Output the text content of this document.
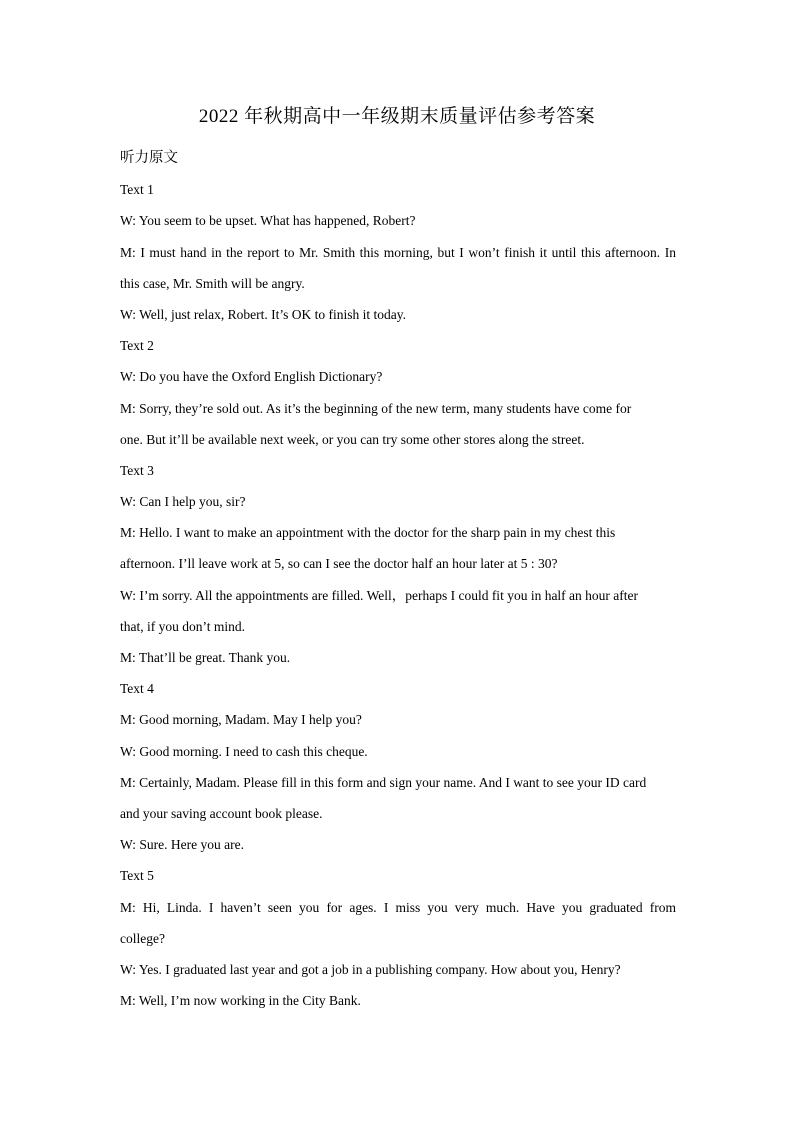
2022 年秋期高中一年级期末质量评估参考答案
听力原文
Text 1
W: You seem to be upset. What has happened, Robert?
M: I must hand in the report to Mr. Smith this morning, but I won’t finish it until this afternoon. In
this case, Mr. Smith will be angry.
W: Well, just relax, Robert. It’s OK to finish it today.
Text 2
W: Do you have the Oxford English Dictionary?
M: Sorry, they’re sold out. As it’s the beginning of the new term, many students have come for
one. But it’ll be available next week, or you can try some other stores along the street.
Text 3
W: Can I help you, sir?
M: Hello. I want to make an appointment with the doctor for the sharp pain in my chest this
afternoon. I’ll leave work at 5, so can I see the doctor half an hour later at 5 : 30?
W: I’m sorry. All the appointments are filled. Well，perhaps I could fit you in half an hour after
that, if you don’t mind.
M: That’ll be great. Thank you.
Text 4
M: Good morning, Madam. May I help you?
W: Good morning. I need to cash this cheque.
M: Certainly, Madam. Please fill in this form and sign your name. And I want to see your ID card
and your saving account book please.
W: Sure. Here you are.
Text 5
M: Hi, Linda. I haven’t seen you for ages. I miss you very much. Have you graduated from
college?
W: Yes. I graduated last year and got a job in a publishing company. How about you, Henry?
M: Well, I’m now working in the City Bank.
